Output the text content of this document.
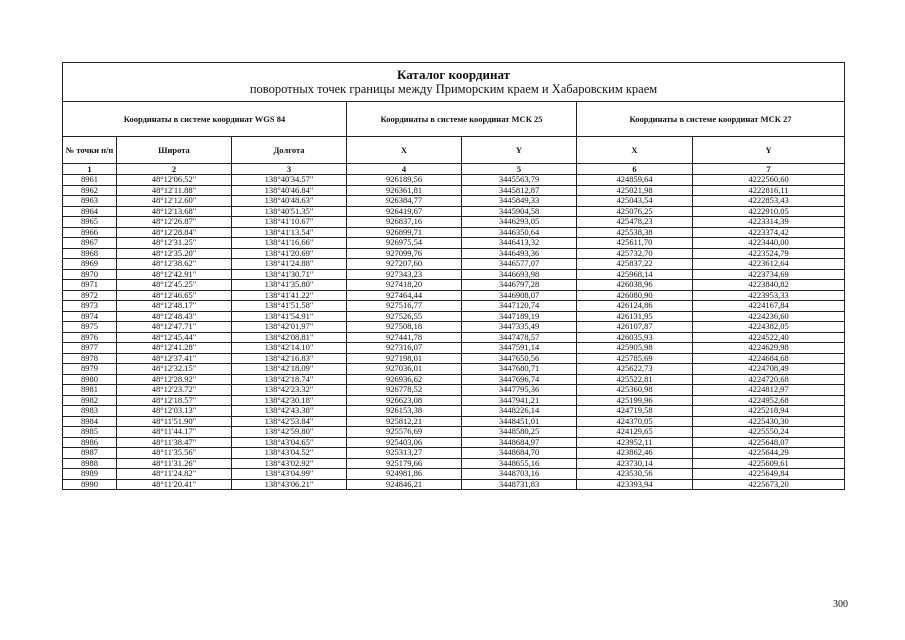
Каталог координат
поворотных точек границы между Приморским краем и Хабаровским краем						

Координаты в системе координат WGS 84			Координаты в системе координат МСК 25		Координаты в системе координат МСК 27	
№ точки п/п	Широта	Долгота	X	Y	X	Y
1	2	3	4	5	6	7
8961	48°12'06.52"	138°40'34.57"	926189,56	3445563,79	424859,64	4222560,60
8962	48°12'11.88"	138°40'46.84"	926361,81	3445812,87	425021,98	4222816,11
8963	48°12'12.60"	138°40'48.63"	926384,77	3445849,33	425043,54	4222853,43
8964	48°12'13.68"	138°40'51.35"	926419,67	3445904,58	425076,25	4222910,05
8965	48°12'26.87"	138°41'10.67"	926837,16	3446293,05	425478,23	4223314,39
8966	48°12'28.84"	138°41'13.54"	926899,71	3446350,64	425538,38	4223374,42
8967	48°12'31.25"	138°41'16.66"	926975,54	3446413,32	425611,70	4223440,00
8968	48°12'35.20"	138°41'20.69"	927099,76	3446493,36	425732,70	4223524,79
8969	48°12'38.62"	138°41'24.88"	927207,60	3446577,07	425837,22	4223612,64
8970	48°12'42.91"	138°41'30.71"	927343,23	3446693,98	425968,14	4223734,69
8971	48°12'45.25"	138°41'35.80"	927418,20	3446797,28	426038,96	4223840,82
8972	48°12'46.65"	138°41'41.22"	927464,44	3446908,07	426080,90	4223953,33
8973	48°12'48.17"	138°41'51.58"	927516,77	3447120,74	426124,86	4224167,84
8974	48°12'48.43"	138°41'54.91"	927526,55	3447189,19	426131,95	4224236,60
8975	48°12'47.71"	138°42'01.97"	927508,18	3447335,49	426107,87	4224382,05
8976	48°12'45.44"	138°42'08.81"	927441,78	3447478,57	426035,93	4224522,40
8977	48°12'41.28"	138°42'14.10"	927316,07	3447591,14	425905,98	4224629,98
8978	48°12'37.41"	138°42'16.83"	927198,01	3447650,56	425785,69	4224684,68
8979	48°12'32.15"	138°42'18.09"	927036,01	3447680,71	425622,73	4224708,49
8980	48°12'28.92"	138°42'18.74"	926936,62	3447696,74	425522,81	4224720,68
8981	48°12'23.72"	138°42'23.32"	926778,52	3447795,36	425360,98	4224812,97
8982	48°12'18.57"	138°42'30.18"	926623,08	3447941,21	425199,96	4224952,68
8983	48°12'03.13"	138°42'43.38"	926153,38	3448226,14	424719,58	4225218,94
8984	48°11'51.90"	138°42'53.84"	925812,21	3448451,01	424370,05	4225430,30
8985	48°11'44.17"	138°42'59.80"	925576,69	3448580,25	424129,65	4225550,24
8986	48°11'38.47"	138°43'04.65"	925403,06	3448684,97	423952,11	4225648,07
8987	48°11'35.56"	138°43'04.52"	925313,27	3448684,70	423862,46	4225644,29
8988	48°11'31.26"	138°43'02.92"	925179,66	3448655,16	423730,14	4225609,61
8989	48°11'24.82"	138°43'04.99"	924981,86	3448703,16	423530,56	4225649,84
8990	48°11'20.41"	138°43'06.21"	924846,21	3448731,83	423393,94	4225673,20
300
